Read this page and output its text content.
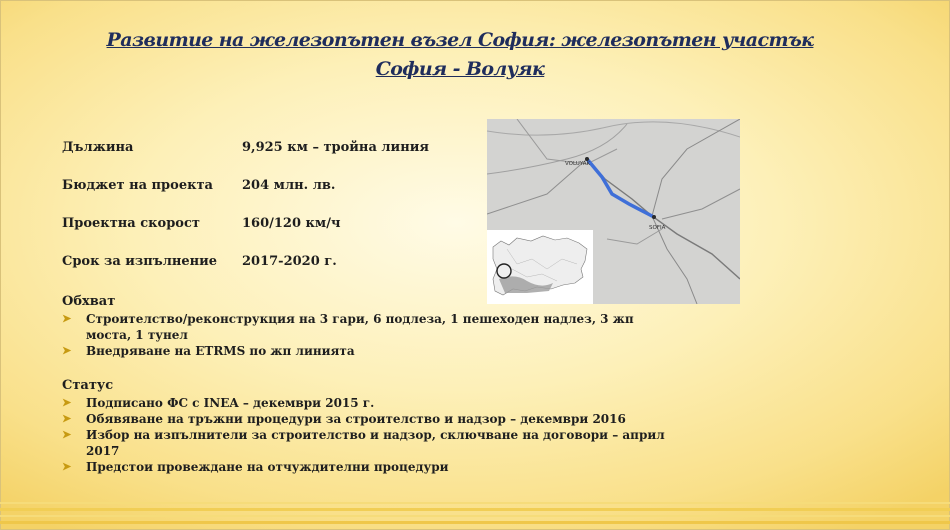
Развитие на железопътен възел София: железопътен участък
София - Волуяк
Дължина	9,925 км – тройна линия
Бюджет на проекта 204 млн. лв.
Проектна скорост	160/120 км/ч
Срок за изпълнение 2017-2020 г.
Обхват
➤ Строителство/реконструкция на 3 гари, 6 подлеза, 1 пешеходен надлез, 3 жп моста, 1 тунел
➤ Внедряване на ETRMS по жп линията
Статус
➤ Подписано ФС с INEA – декември 2015 г.
➤ Обявяване на тръжни процедури за строителство и надзор – декември 2016
➤ Избор на изпълнители за строителство и надзор, сключване на договори – април 2017
➤ Предстои провеждане на отчуждителни процедури
VOLUYAK
SOFIA
